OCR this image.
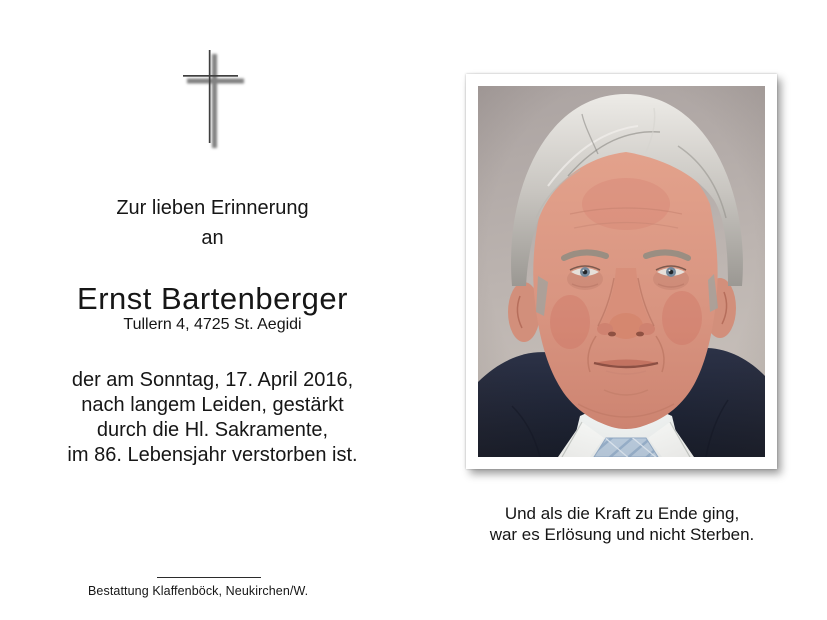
Zur lieben Erinnerung
an
Ernst Bartenberger
Tullern 4, 4725 St. Aegidi
der am Sonntag, 17. April 2016,
nach langem Leiden, gestärkt
durch die Hl. Sakramente,
im 86. Lebensjahr verstorben ist.
Und als die Kraft zu Ende ging,
war es Erlösung und nicht Sterben.
Bestattung Klaffenböck, Neukirchen/W.
